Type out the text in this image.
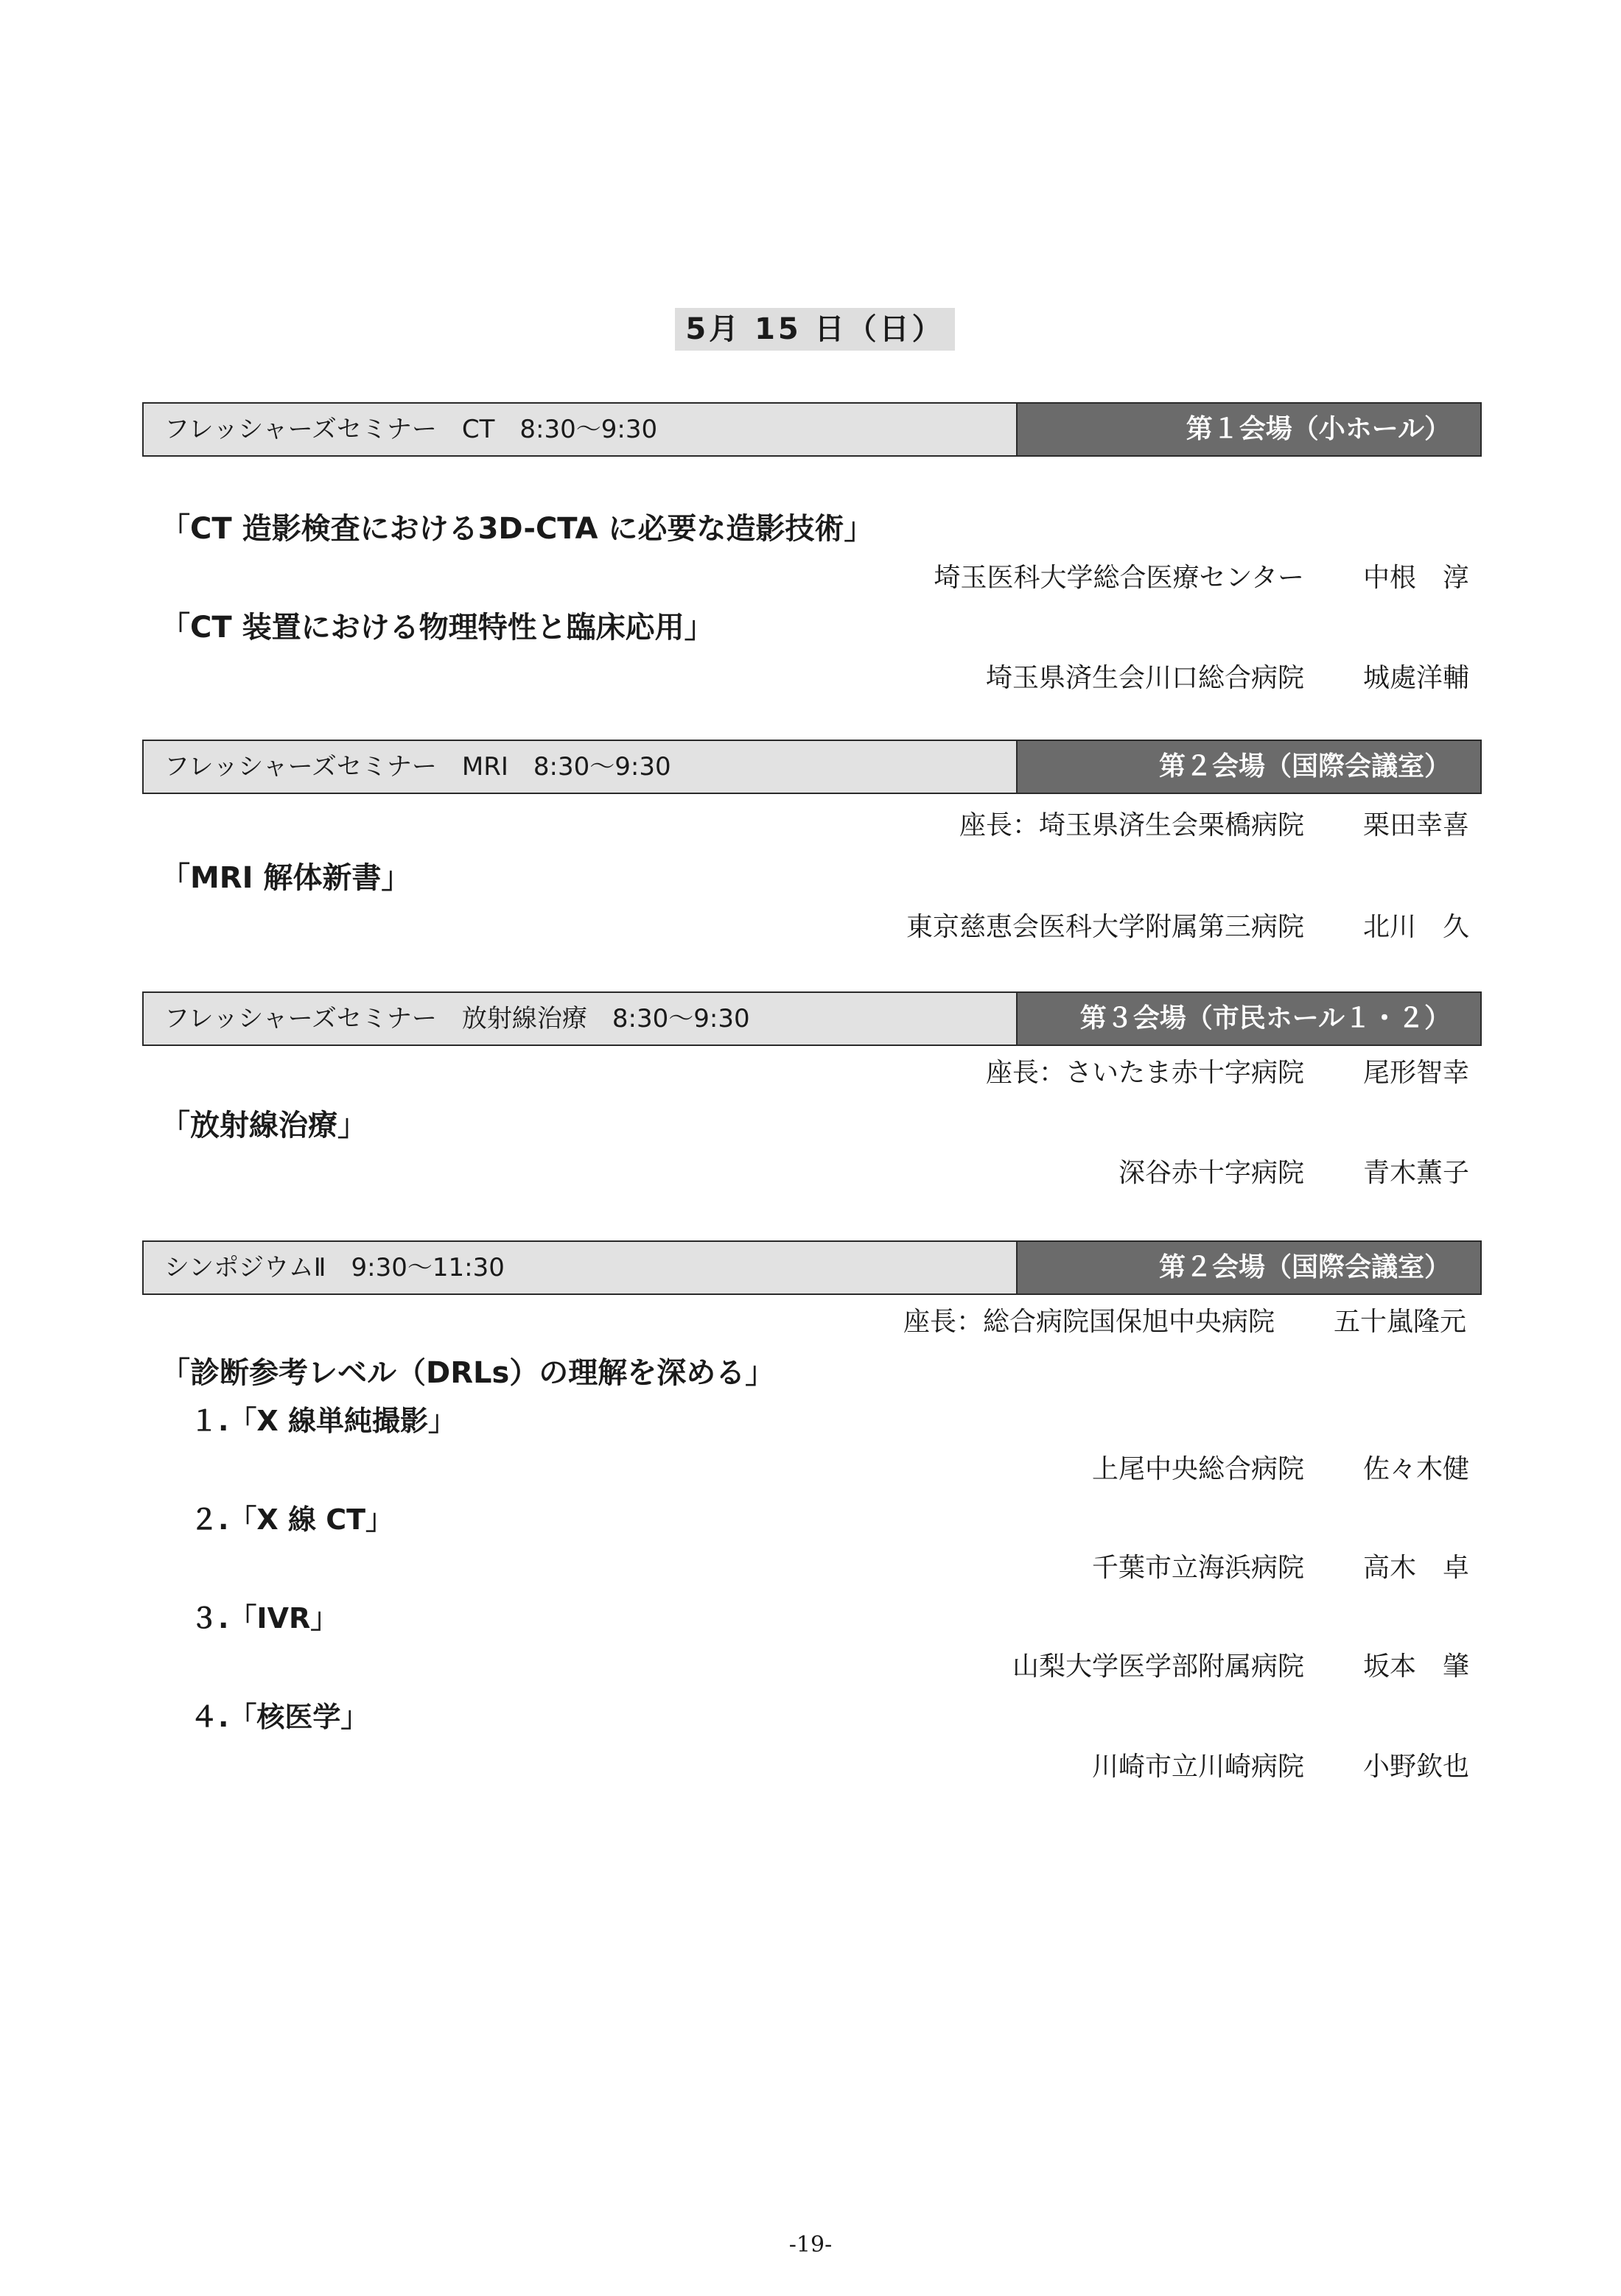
5月 15 日（日）
フレッシャーズセミナー　CT　8:30〜9:30	第１会場（小ホール）
「CT 造影検査における3D-CTA に必要な造影技術」
埼玉医科大学総合医療センター 中根　淳
「CT 装置における物理特性と臨床応用」
埼玉県済生会川口総合病院 城處洋輔
フレッシャーズセミナー　MRI　8:30〜9:30	第２会場（国際会議室）
座長：埼玉県済生会栗橋病院 栗田幸喜
「MRI 解体新書」
東京慈恵会医科大学附属第三病院 北川　久
フレッシャーズセミナー　放射線治療　8:30〜9:30	第３会場（市民ホール１・２）
座長：さいたま赤十字病院 尾形智幸
「放射線治療」
深谷赤十字病院 青木薫子
シンポジウムⅡ　9:30〜11:30	第２会場（国際会議室）
座長：総合病院国保旭中央病院 五十嵐隆元
「診断参考レベル（DRLs）の理解を深める」
１.「X 線単純撮影」
上尾中央総合病院 佐々木健
２.「X 線 CT」
千葉市立海浜病院 高木　卓
３.「IVR」
山梨大学医学部附属病院 坂本　肇
４.「核医学」
川崎市立川崎病院 小野欽也
-19-
